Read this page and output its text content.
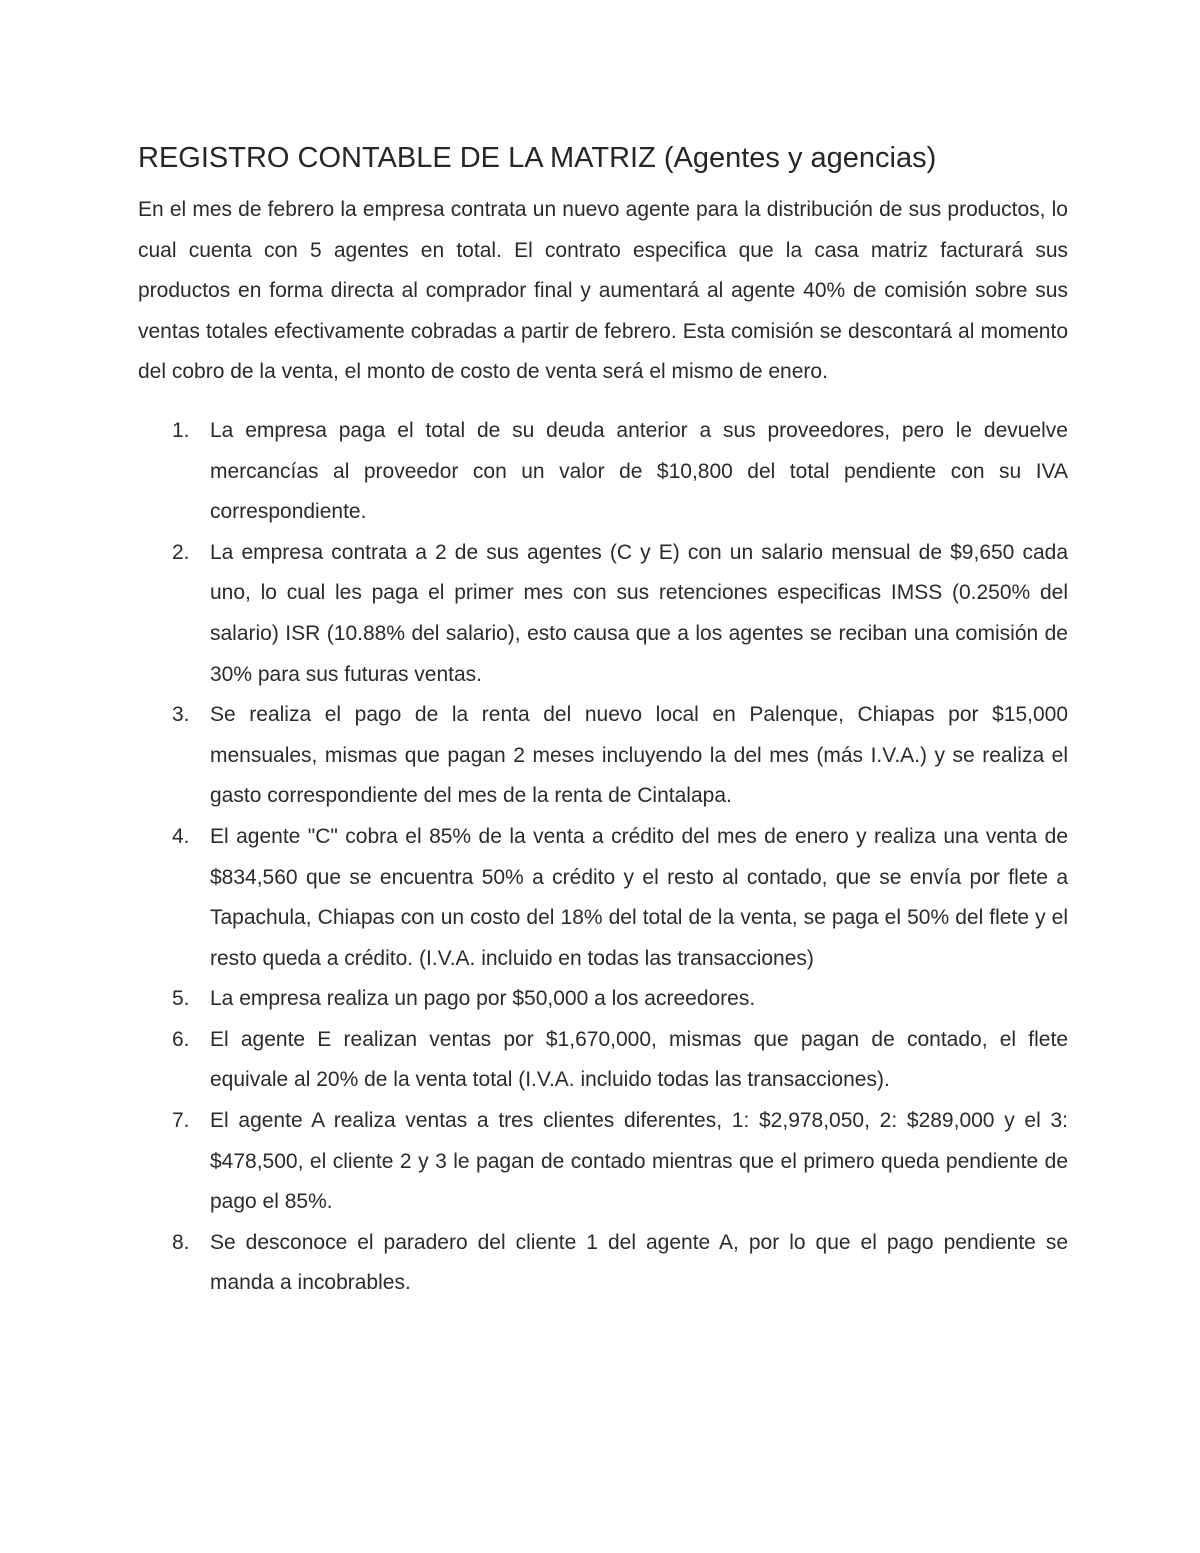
REGISTRO CONTABLE DE LA MATRIZ (Agentes y agencias)

En el mes de febrero la empresa contrata un nuevo agente para la distribución de sus productos, lo cual cuenta con 5 agentes en total. El contrato especifica que la casa matriz facturará sus productos en forma directa al comprador final y aumentará al agente 40% de comisión sobre sus ventas totales efectivamente cobradas a partir de febrero. Esta comisión se descontará al momento del cobro de la venta, el monto de costo de venta será el mismo de enero.

1. La empresa paga el total de su deuda anterior a sus proveedores, pero le devuelve mercancías al proveedor con un valor de $10,800 del total pendiente con su IVA correspondiente.
2. La empresa contrata a 2 de sus agentes (C y E) con un salario mensual de $9,650 cada uno, lo cual les paga el primer mes con sus retenciones especificas IMSS (0.250% del salario) ISR (10.88% del salario), esto causa que a los agentes se reciban una comisión de 30% para sus futuras ventas.
3. Se realiza el pago de la renta del nuevo local en Palenque, Chiapas por $15,000 mensuales, mismas que pagan 2 meses incluyendo la del mes (más I.V.A.) y se realiza el gasto correspondiente del mes de la renta de Cintalapa.
4. El agente "C" cobra el 85% de la venta a crédito del mes de enero y realiza una venta de $834,560 que se encuentra 50% a crédito y el resto al contado, que se envía por flete a Tapachula, Chiapas con un costo del 18% del total de la venta, se paga el 50% del flete y el resto queda a crédito. (I.V.A. incluido en todas las transacciones)
5. La empresa realiza un pago por $50,000 a los acreedores.
6. El agente E realizan ventas por $1,670,000, mismas que pagan de contado, el flete equivale al 20% de la venta total (I.V.A. incluido todas las transacciones).
7. El agente A realiza ventas a tres clientes diferentes, 1: $2,978,050, 2: $289,000 y el 3: $478,500, el cliente 2 y 3 le pagan de contado mientras que el primero queda pendiente de pago el 85%.
8. Se desconoce el paradero del cliente 1 del agente A, por lo que el pago pendiente se manda a incobrables.
